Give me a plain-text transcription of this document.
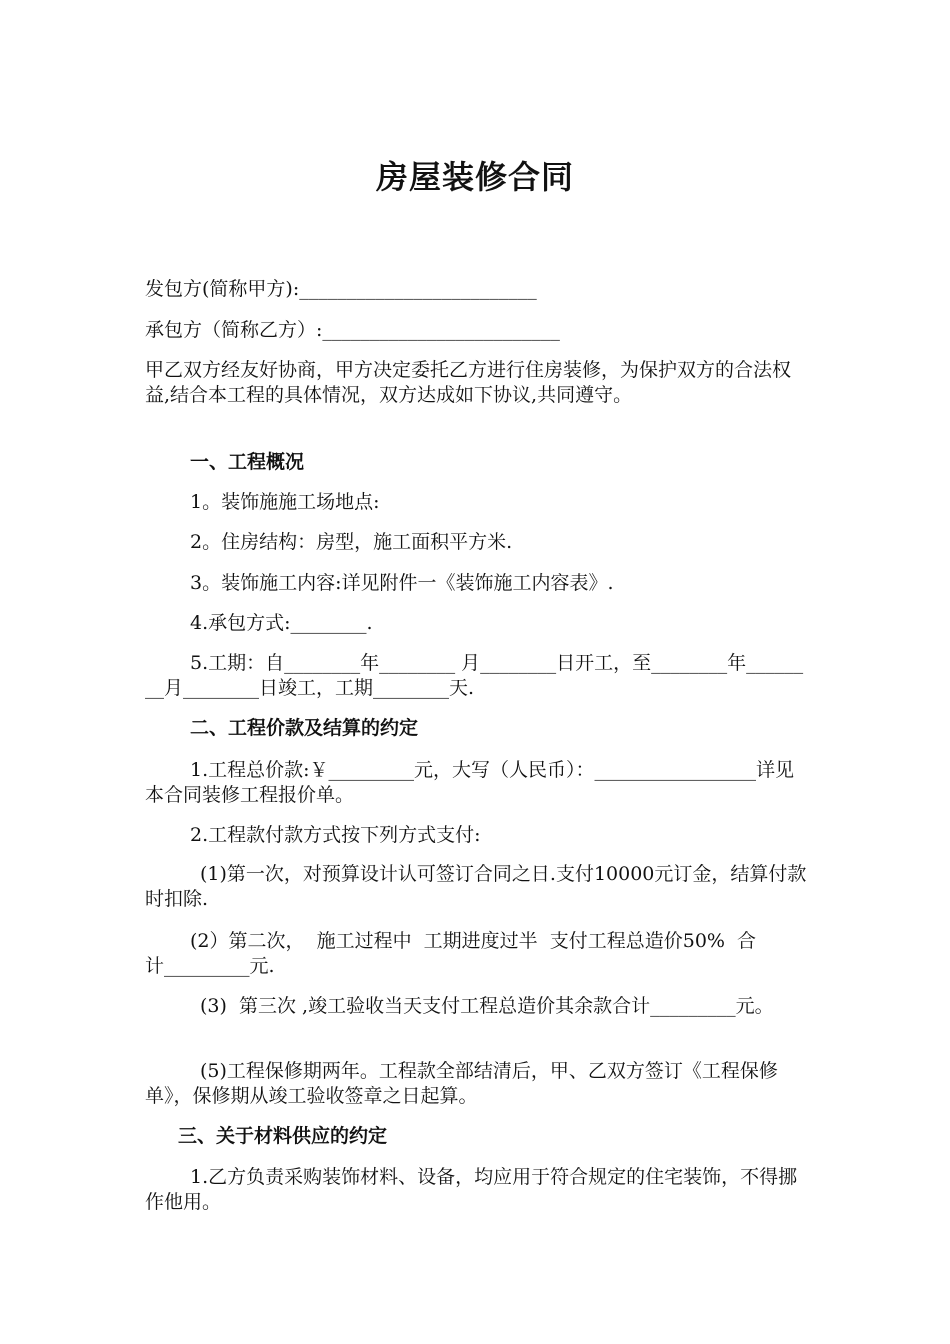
房屋装修合同
发包方(简称甲方):_________________________
承包方（简称乙方）:_________________________
甲乙双方经友好协商，甲方决定委托乙方进行住房装修，为保护双方的合法权益,结合本工程的具体情况，双方达成如下协议,共同遵守。
一、工程概况
1。装饰施施工场地点:
2。住房结构：房型，施工面积平方米.
3。装饰施工内容:详见附件一《装饰施工内容表》.
4.承包方式:________.
5.工期：自________年________ 月________日开工，至________年________月________日竣工，工期________天.
二、工程价款及结算的约定
1.工程总价款:￥_________元，大写（人民币）：_________________详见本合同装修工程报价单。
2.工程款付款方式按下列方式支付:
(1)第一次，对预算设计认可签订合同之日.支付10000元订金，结算付款时扣除.
(2）第二次，  施工过程中  工期进度过半  支付工程总造价50%  合计_________元.
(3)  第三次 ,竣工验收当天支付工程总造价其余款合计_________元。
(5)工程保修期两年。工程款全部结清后，甲、乙双方签订《工程保修单》，保修期从竣工验收签章之日起算。
三、关于材料供应的约定
1.乙方负责采购装饰材料、设备，均应用于符合规定的住宅装饰，不得挪作他用。
